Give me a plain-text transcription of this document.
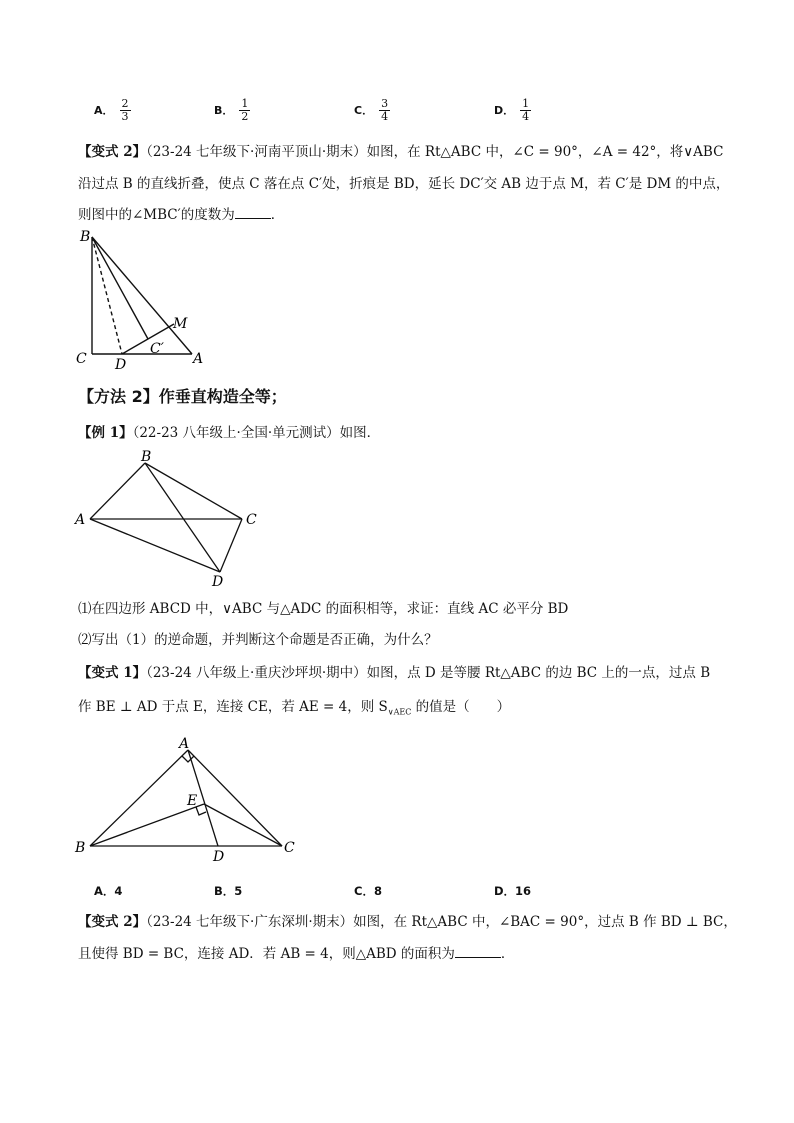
A． $\frac{2}{3}$	B． $\frac{1}{2}$	C． $\frac{3}{4}$	D． $\frac{1}{4}$
【变式 2】（23-24 七年级下·河南平顶山·期末）如图，在 Rt△ABC 中，∠C = 90°，∠A = 42°，将∨ABC
沿过点 B 的直线折叠，使点 C 落在点 C′处，折痕是 BD，延长 DC′交 AB 边于点 M，若 C′是 DM 的中点，
则图中的∠MBC′的度数为	．
B
C D	A
M
C′
【方法 2】作垂直构造全等；
【例 1】（22-23 八年级上·全国·单元测试）如图．
A
B
C
D
⑴在四边形 ABCD 中，∨ABC 与△ADC 的面积相等，求证：直线 AC 必平分 BD
⑵写出（1）的逆命题，并判断这个命题是否正确，为什么？
【变式 1】（23-24 八年级上·重庆沙坪坝·期中）如图，点 D 是等腰 Rt△ABC 的边 BC 上的一点，过点 B
作 BE ⊥ AD 于点 E，连接 CE，若 AE = 4，则 $S_{\vee AEC}$ 的值是（　　）
A
E
B
D
C
A．4	B．5	C．8	D．16
【变式 2】（23-24 七年级下·广东深圳·期末）如图，在 Rt△ABC 中，∠BAC = 90°，过点 B 作 BD ⊥ BC，
且使得 BD = BC，连接 AD．若 AB = 4，则△ABD 的面积为	．
